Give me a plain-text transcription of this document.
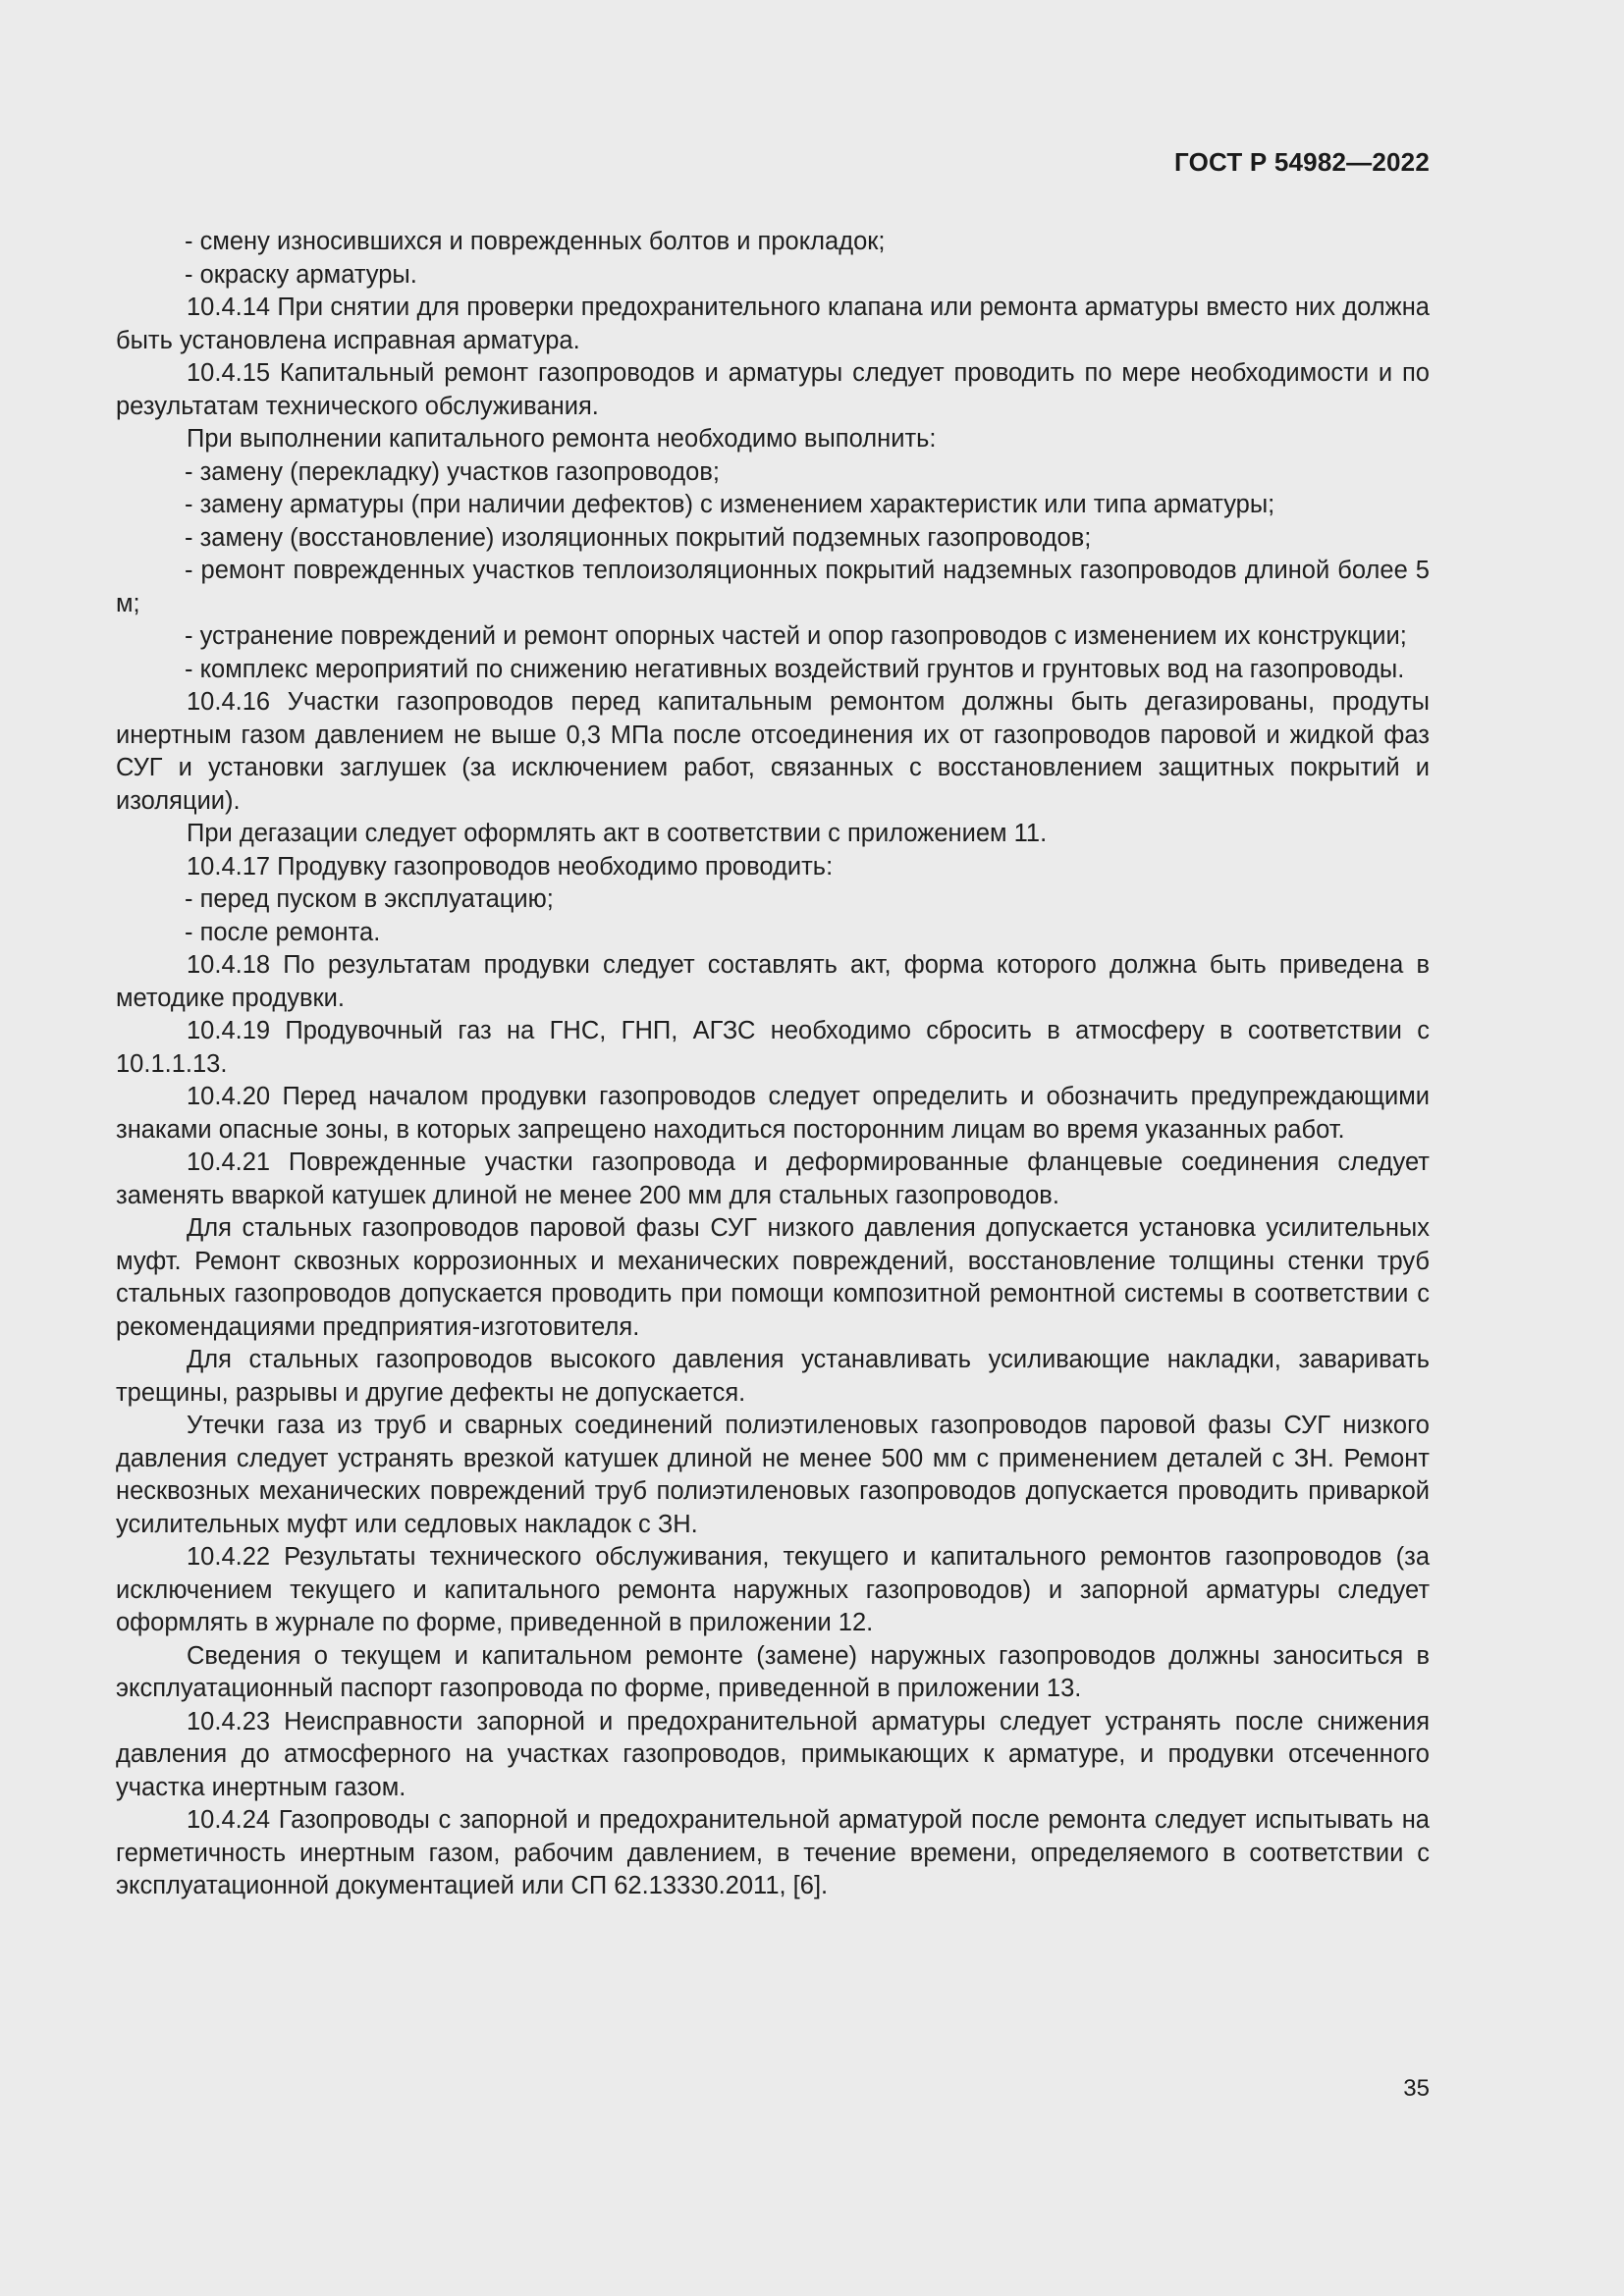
ГОСТ Р 54982—2022

- смену износившихся и поврежденных болтов и прокладок;

- окраску арматуры.

10.4.14 При снятии для проверки предохранительного клапана или ремонта арматуры вместо них должна быть установлена исправная арматура.

10.4.15 Капитальный ремонт газопроводов и арматуры следует проводить по мере необходимости и по результатам технического обслуживания.

При выполнении капитального ремонта необходимо выполнить:

- замену (перекладку) участков газопроводов;

- замену арматуры (при наличии дефектов) с изменением характеристик или типа арматуры;

- замену (восстановление) изоляционных покрытий подземных газопроводов;

- ремонт поврежденных участков теплоизоляционных покрытий надземных газопроводов длиной более 5 м;

- устранение повреждений и ремонт опорных частей и опор газопроводов с изменением их конструкции;

- комплекс мероприятий по снижению негативных воздействий грунтов и грунтовых вод на газопроводы.

10.4.16 Участки газопроводов перед капитальным ремонтом должны быть дегазированы, продуты инертным газом давлением не выше 0,3 МПа после отсоединения их от газопроводов паровой и жидкой фаз СУГ и установки заглушек (за исключением работ, связанных с восстановлением защитных покрытий и изоляции).

При дегазации следует оформлять акт в соответствии с приложением 11.

10.4.17 Продувку газопроводов необходимо проводить:

- перед пуском в эксплуатацию;

- после ремонта.

10.4.18 По результатам продувки следует составлять акт, форма которого должна быть приведена в методике продувки.

10.4.19 Продувочный газ на ГНС, ГНП, АГЗС необходимо сбросить в атмосферу в соответствии с 10.1.1.13.

10.4.20 Перед началом продувки газопроводов следует определить и обозначить предупреждающими знаками опасные зоны, в которых запрещено находиться посторонним лицам во время указанных работ.

10.4.21 Поврежденные участки газопровода и деформированные фланцевые соединения следует заменять вваркой катушек длиной не менее 200 мм для стальных газопроводов.

Для стальных газопроводов паровой фазы СУГ низкого давления допускается установка усилительных муфт. Ремонт сквозных коррозионных и механических повреждений, восстановление толщины стенки труб стальных газопроводов допускается проводить при помощи композитной ремонтной системы в соответствии с рекомендациями предприятия-изготовителя.

Для стальных газопроводов высокого давления устанавливать усиливающие накладки, заваривать трещины, разрывы и другие дефекты не допускается.

Утечки газа из труб и сварных соединений полиэтиленовых газопроводов паровой фазы СУГ низкого давления следует устранять врезкой катушек длиной не менее 500 мм с применением деталей с ЗН. Ремонт несквозных механических повреждений труб полиэтиленовых газопроводов допускается проводить приваркой усилительных муфт или седловых накладок с ЗН.

10.4.22 Результаты технического обслуживания, текущего и капитального ремонтов газопроводов (за исключением текущего и капитального ремонта наружных газопроводов) и запорной арматуры следует оформлять в журнале по форме, приведенной в приложении 12.

Сведения о текущем и капитальном ремонте (замене) наружных газопроводов должны заноситься в эксплуатационный паспорт газопровода по форме, приведенной в приложении 13.

10.4.23 Неисправности запорной и предохранительной арматуры следует устранять после снижения давления до атмосферного на участках газопроводов, примыкающих к арматуре, и продувки отсеченного участка инертным газом.

10.4.24 Газопроводы с запорной и предохранительной арматурой после ремонта следует испытывать на герметичность инертным газом, рабочим давлением, в течение времени, определяемого в соответствии с эксплуатационной документацией или СП 62.13330.2011, [6].

35
